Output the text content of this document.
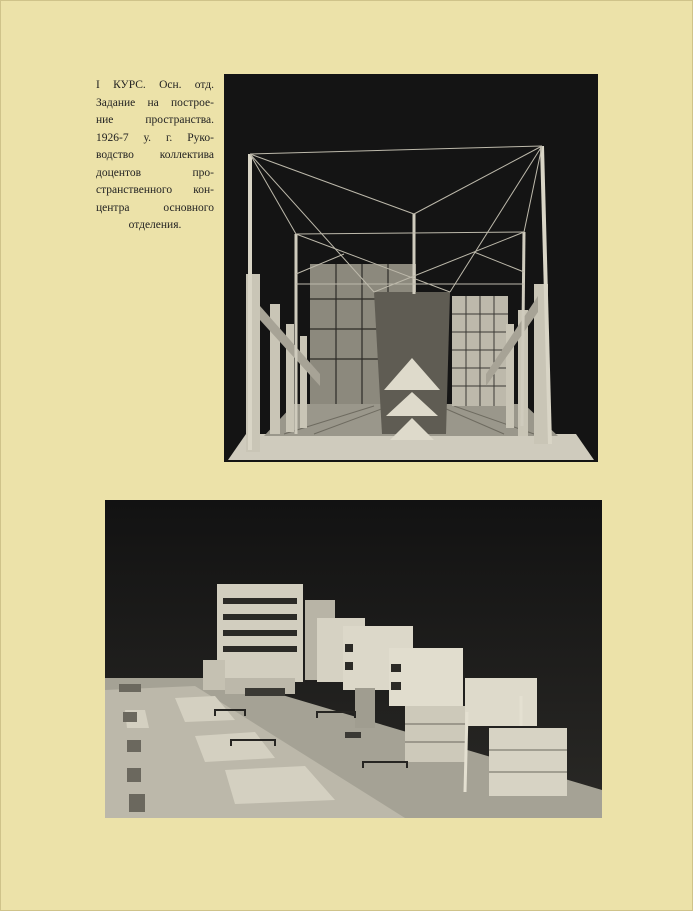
I КУРС. Осн. отд.
Задание на построе-
ние пространства.
1926-7 у. г. Руко-
водство коллектива
доцентов про-
странственного кон-
центра основного
отделения.
